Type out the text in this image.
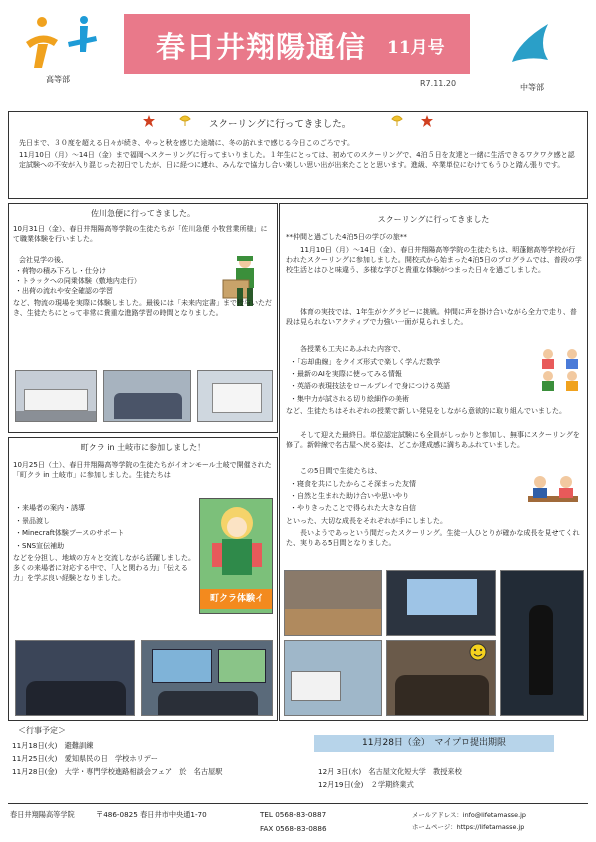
高等部
春日井翔陽通信 11月号
R7.11.20	中等部
スクーリングに行ってきました。
先日まで、３０度を超える日々が続き、やっと秋を感じた途端に、冬の訪れまで感じる今日このごろです。
11月10日（月）～14日（金）まで福岡へスクーリングに行ってまいりました。１年生にとっては、初めてのスクーリングで、4泊５日を友達と一緒に生活できるワクワク感と認定試験への不安が入り混じった初日でしたが、日に経つに連れ、みんなで協力し合い楽しい思い出が出来たことと思います。進級、卒業単位にむけてもうひと踏ん張りです。
佐川急便に行ってきました。
10月31日（金）、春日井翔陽高等学院の生徒たちが「佐川急便 小牧営業所様」にて職業体験を行いました。
会社見学の後、
・荷物の積み下ろし・仕分け
・トラックへの同乗体験（敷地内走行）
・出荷の流れや安全確認の学習
など、物流の現場を実際に体験しました。最後には「未来内定書」まで授与いただき、生徒たちにとって非常に貴重な進路学習の時間となりました。
町クラ in 土岐市に参加しました！
10月25日（土）、春日井翔陽高等学院の生徒たちがイオンモール土岐で開催された「町クラ in 土岐市」に参加しました。生徒たちは
・来場者の案内・誘導
・景品渡し
・Minecraft体験ブースのサポート
・SNS宣伝補助
などを分担し、地域の方々と交流しながら活躍しました。多くの来場者に対応する中で、「人と関わる力」「伝える力」を学ぶ良い経験となりました。
町クラ体験イ
スクーリングに行ってきました
**仲間と過ごした4泊5日の学びの旅**
11月10日（月）～14日（金）、春日井翔陽高等学院の生徒たちは、明蓬館高等学校が行われたスクーリングに参加しました。開校式から始まった4泊5日のプログラムでは、普段の学校生活とはひと味違う、多様な学びと貴重な体験がつまった日々を過ごしました。
体育の実技では、1年生がケグラピーに挑戦。仲間に声を掛け合いながら全力で走り、普段は見られないアクティブで力強い一面が見られました。
各授業も工夫にあふれた内容で、
・「忘却曲線」をクイズ形式で楽しく学んだ数学
・最新のAIを実際に使ってみる情報
・英語の表現技法をロールプレイで身につける英語
・集中力が試される切り絵細作の美術
など、生徒たちはそれぞれの授業で新しい発見をしながら意欲的に取り組んでいました。
そして迎えた最終日。単位認定試験にも全員がしっかりと参加し、無事にスクーリングを修了。新幹線で名古屋へ戻る姿は、どこか達成感に満ちあふれていました。
この5日間で生徒たちは、
・寝食を共にしたからこそ深まった友情
・自然と生まれた助け合いや思いやり
・やりきったことで得られた大きな自信
といった、大切な成長をそれぞれが手にしました。
長いようであっという間だったスクーリング。生徒一人ひとりが確かな成長を見せてくれた、実りある5日間となりました。
＜行事予定＞
11月28日（金）　マイプロ提出期限
11月18日(火)　避難訓練
11月25日(火)　愛知県民の日　学校ホリデー
11月28日(金)　大学・専門学校進路相談会フェア　於　名古屋駅	12月 3日(水)　名古屋文化短大学　教授来校
12月19日(金)　２学期終業式
春日井翔陽高等学院	〒486-0825 春日井市中央通1-70	TEL 0568-83-0887
FAX 0568-83-0886
メールアドレス：info@lifetamasse.jp
ホームページ：https://lifetamasse.jp
